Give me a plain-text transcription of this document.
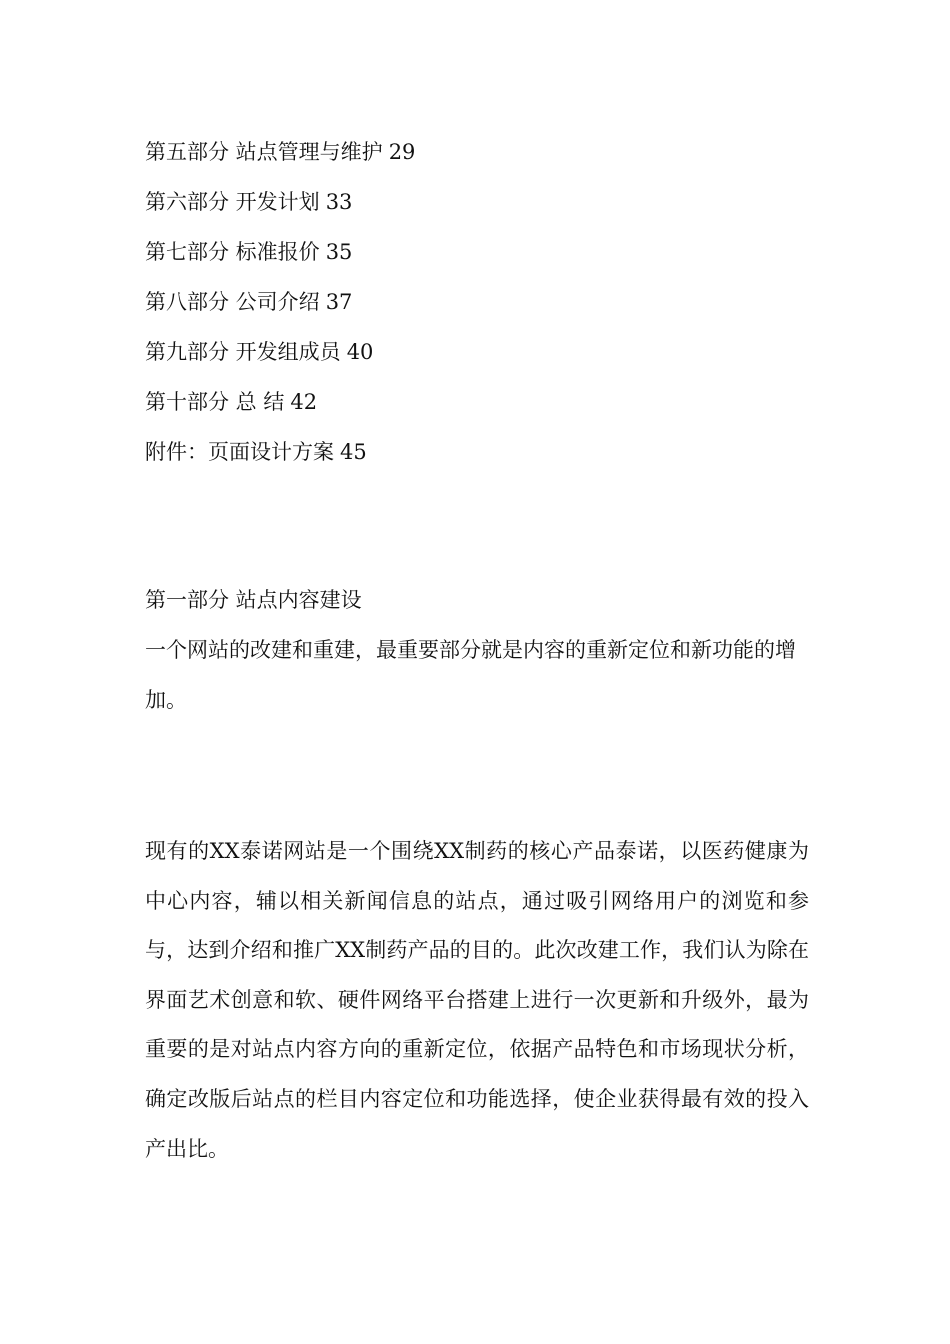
第五部分 站点管理与维护 29
第六部分 开发计划 33
第七部分 标准报价 35
第八部分 公司介绍 37
第九部分 开发组成员 40
第十部分 总 结 42
附件：页面设计方案 45
第一部分 站点内容建设

一个网站的改建和重建，最重要部分就是内容的重新定位和新功能的增加。

现有的XX泰诺网站是一个围绕XX制药的核心产品泰诺，以医药健康为中心内容，辅以相关新闻信息的站点，通过吸引网络用户的浏览和参与，达到介绍和推广XX制药产品的目的。此次改建工作，我们认为除在界面艺术创意和软、硬件网络平台搭建上进行一次更新和升级外，最为重要的是对站点内容方向的重新定位，依据产品特色和市场现状分析，确定改版后站点的栏目内容定位和功能选择，使企业获得最有效的投入产出比。
